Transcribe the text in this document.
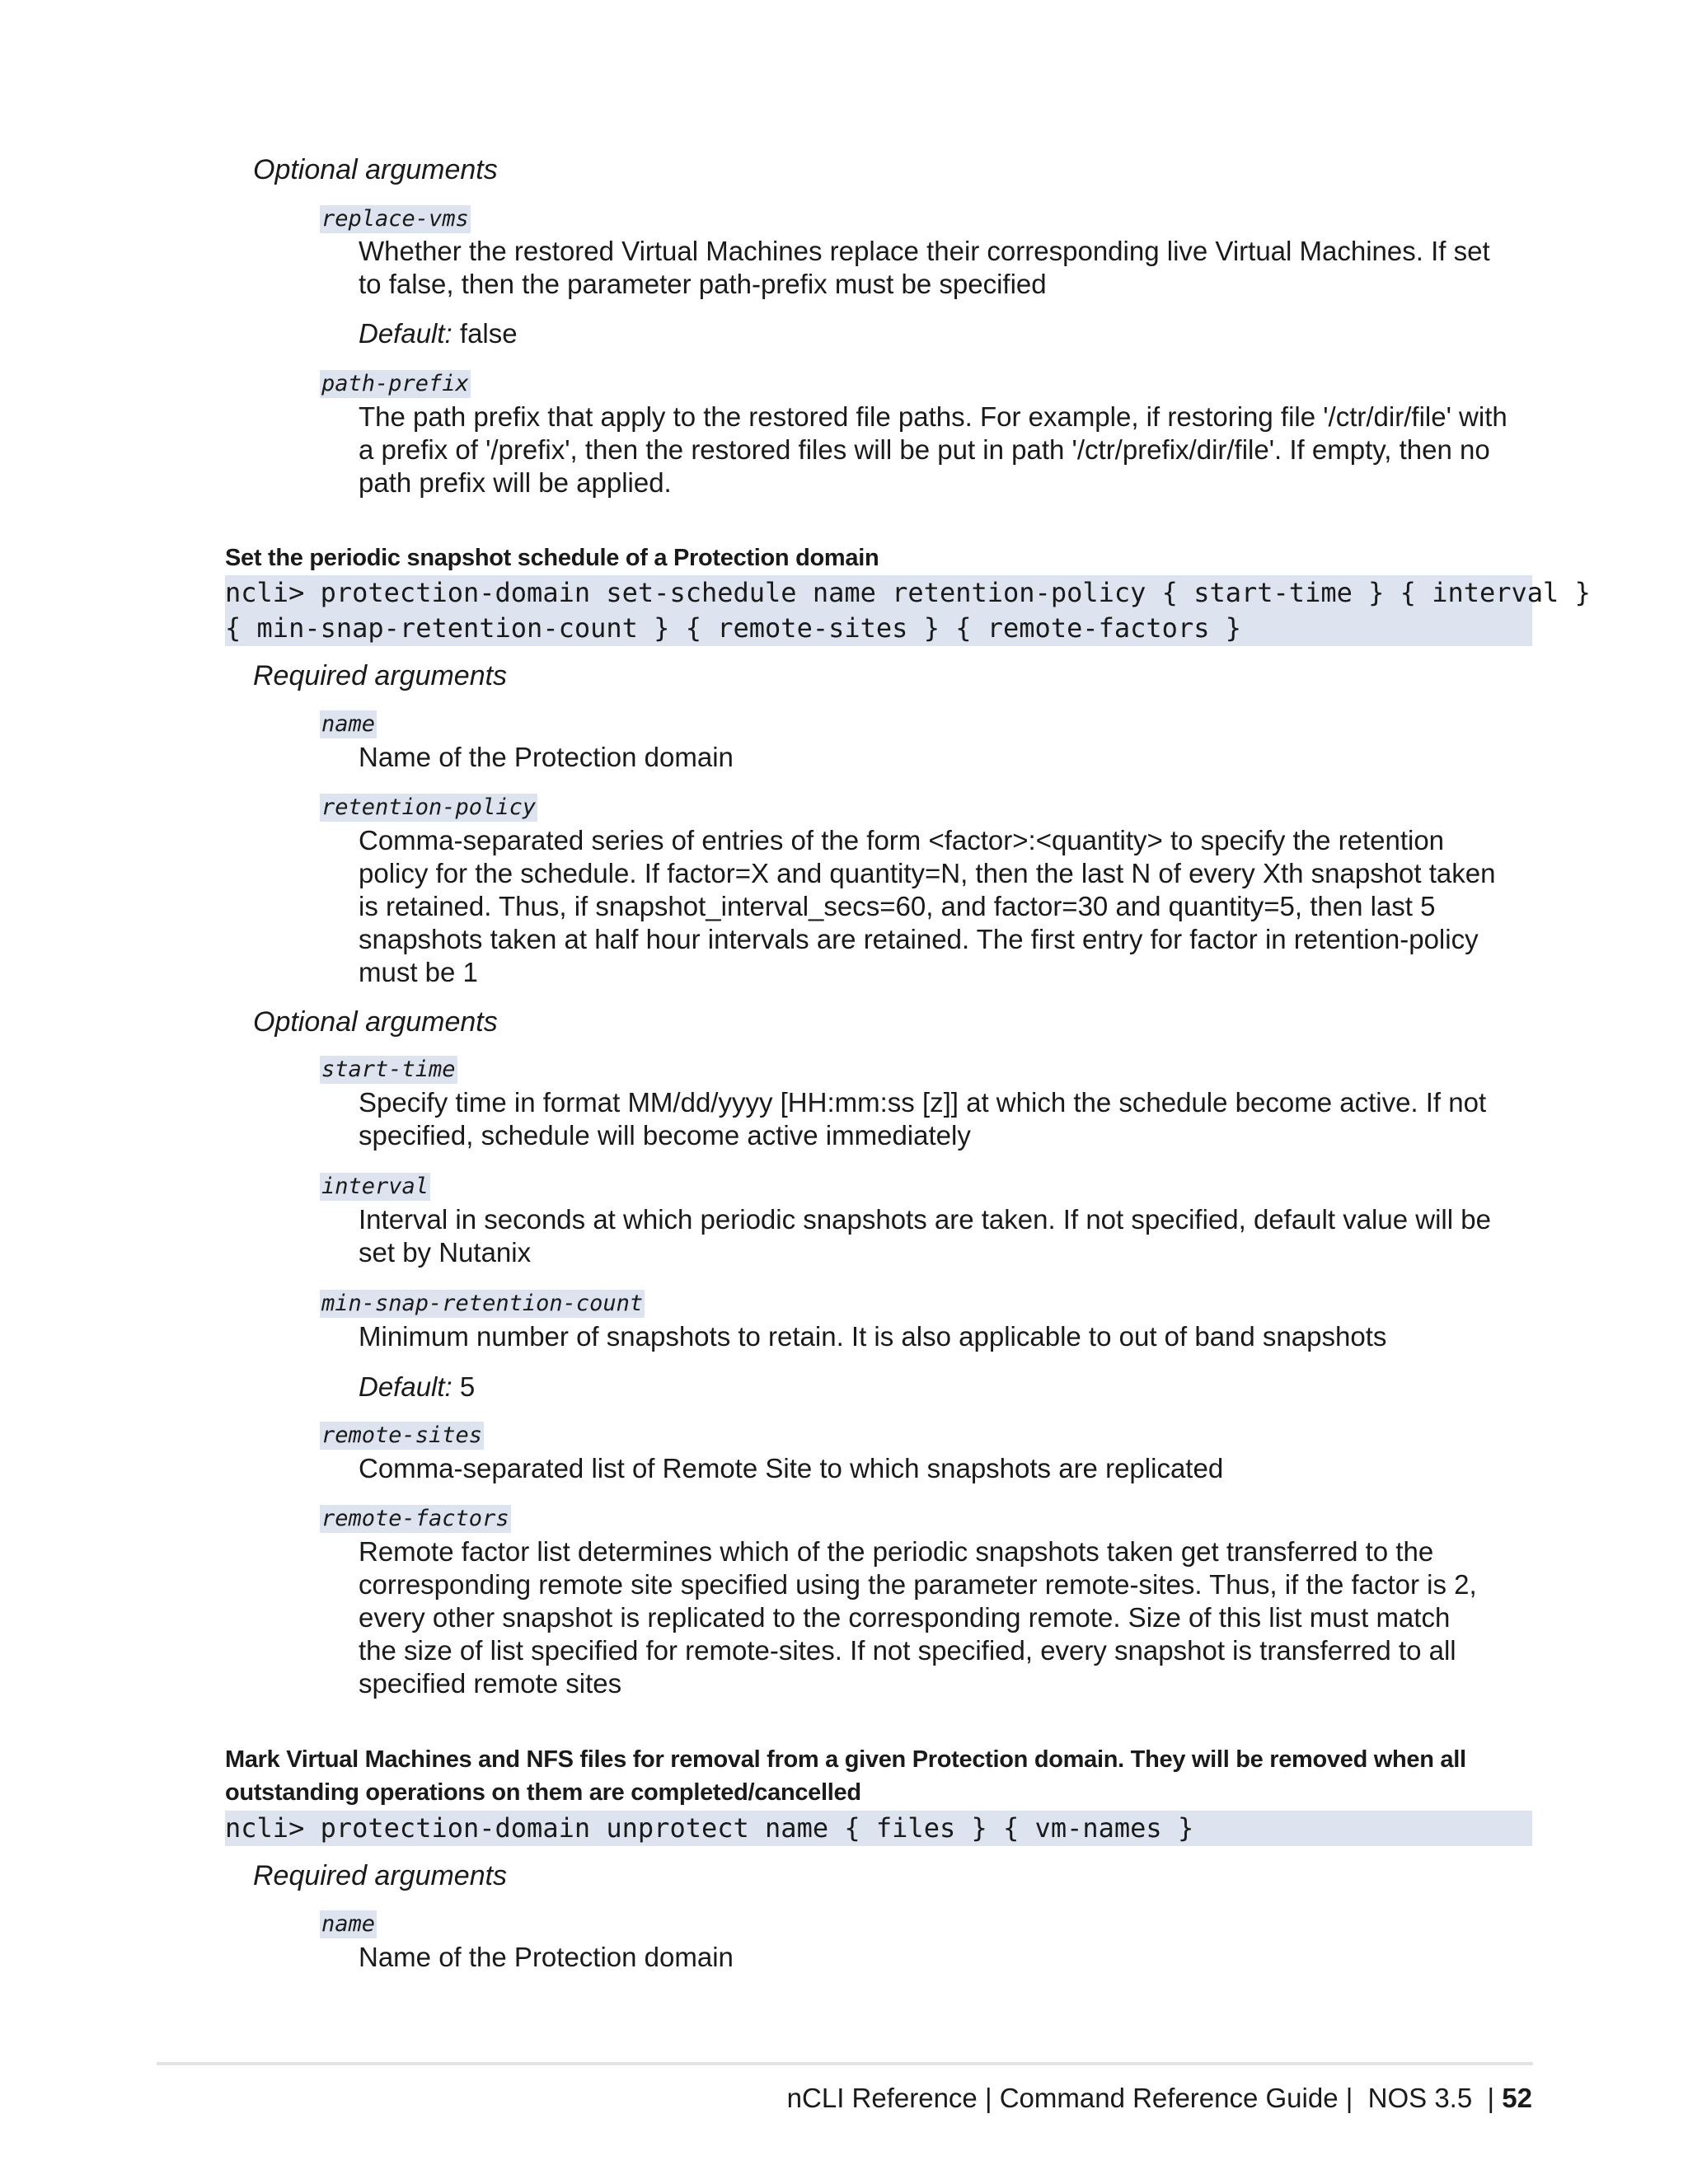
Optional arguments
replace-vms

Whether the restored Virtual Machines replace their corresponding live Virtual Machines. If set

to false, then the parameter path-prefix must be specified

Default: false
path-prefix

The path prefix that apply to the restored file paths. For example, if restoring file '/ctr/dir/file' with

a prefix of '/prefix', then the restored files will be put in path '/ctr/prefix/dir/file'. If empty, then no

path prefix will be applied.

Set the periodic snapshot schedule of a Protection domain
ncli> protection-domain set-schedule name retention-policy { start-time } { interval }
{ min-snap-retention-count } { remote-sites } { remote-factors }
Required arguments
name

Name of the Protection domain

retention-policy

Comma-separated series of entries of the form <factor>:<quantity> to specify the retention

policy for the schedule. If factor=X and quantity=N, then the last N of every Xth snapshot taken

is retained. Thus, if snapshot_interval_secs=60, and factor=30 and quantity=5, then last 5

snapshots taken at half hour intervals are retained. The first entry for factor in retention-policy

must be 1

Optional arguments
start-time

Specify time in format MM/dd/yyyy [HH:mm:ss [z]] at which the schedule become active. If not

specified, schedule will become active immediately

interval

Interval in seconds at which periodic snapshots are taken. If not specified, default value will be

set by Nutanix

min-snap-retention-count

Minimum number of snapshots to retain. It is also applicable to out of band snapshots

Default: 5
remote-sites

Comma-separated list of Remote Site to which snapshots are replicated

remote-factors

Remote factor list determines which of the periodic snapshots taken get transferred to the

corresponding remote site specified using the parameter remote-sites. Thus, if the factor is 2,

every other snapshot is replicated to the corresponding remote. Size of this list must match

the size of list specified for remote-sites. If not specified, every snapshot is transferred to all

specified remote sites

Mark Virtual Machines and NFS files for removal from a given Protection domain. They will be removed when all
outstanding operations on them are completed/cancelled
ncli> protection-domain unprotect name { files } { vm-names }
Required arguments
name

Name of the Protection domain

nCLI Reference | Command Reference Guide |  NOS 3.5  | 52
